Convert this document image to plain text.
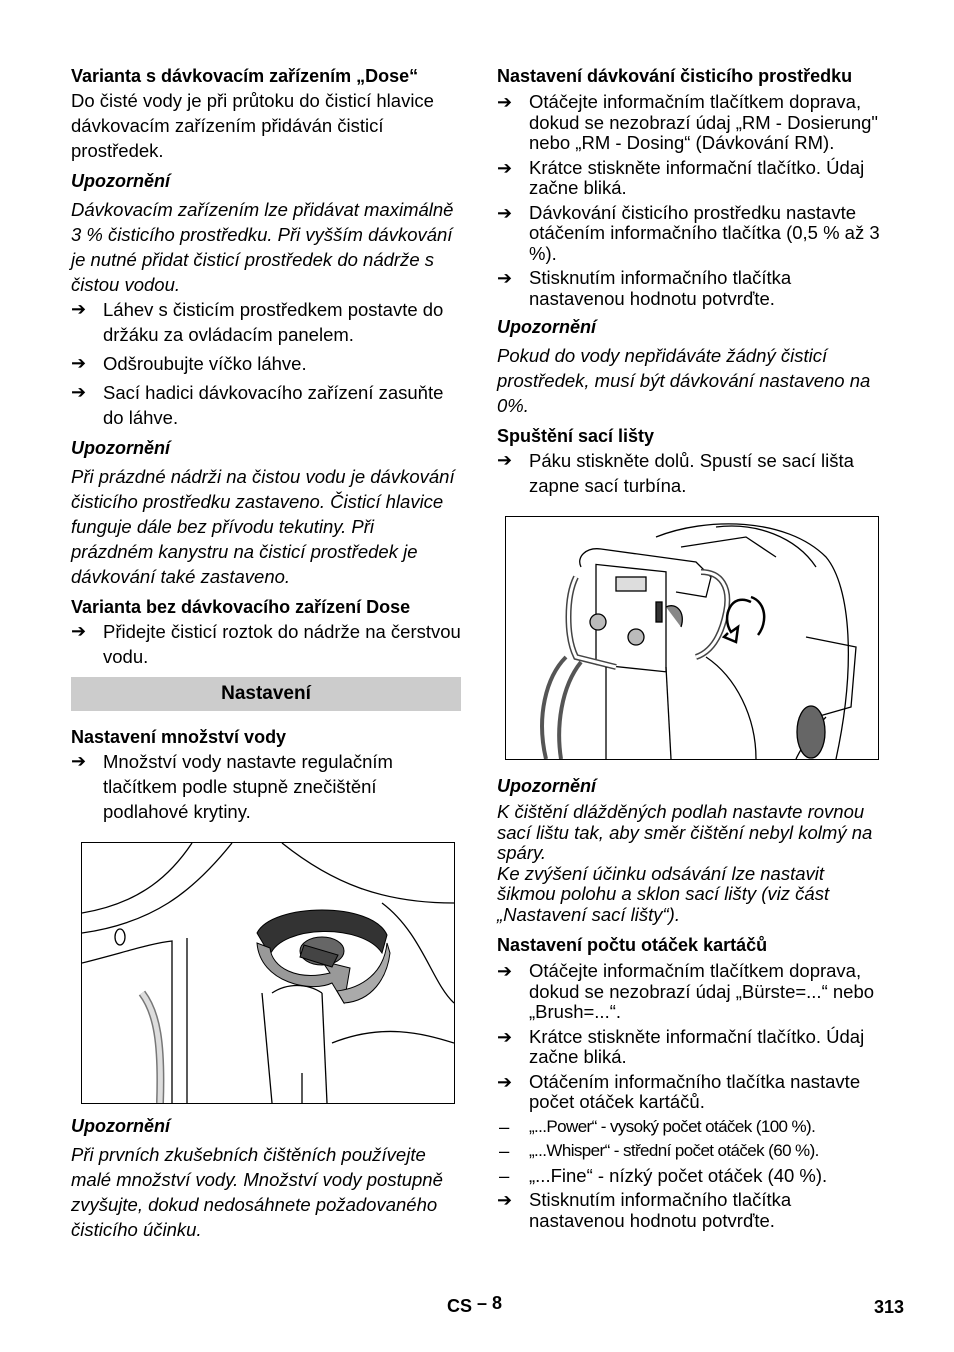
Varianta s dávkovacím zařízením „Dose“

Do čisté vody je při průtoku do čisticí hlavice dávkovacím zařízením přidáván čisticí prostředek.

Upozornění

Dávkovacím zařízením lze přidávat maximálně 3 % čisticího prostředku. Při vyšším dávkování je nutné přidat čisticí prostředek do nádrže s čistou vodou.

➔ Láhev s čisticím prostředkem postavte do držáku za ovládacím panelem.
➔ Odšroubujte víčko láhve.
➔ Sací hadici dávkovacího zařízení zasuňte do láhve.

Upozornění

Při prázdné nádrži na čistou vodu je dávkování čisticího prostředku zastaveno. Čisticí hlavice funguje dále bez přívodu tekutiny. Při prázdném kanystru na čisticí prostředek je dávkování také zastaveno.

Varianta bez dávkovacího zařízení Dose

➔ Přidejte čisticí roztok do nádrže na čerstvou vodu.
Nastavení

Nastavení množství vody

➔ Množství vody nastavte regulačním tlačítkem podle stupně znečištění podlahové krytiny.

Upozornění

Při prvních zkušebních čištěních používejte malé množství vody. Množství vody postupně zvyšujte, dokud nedosáhnete požadovaného čisticího účinku.

Nastavení dávkování čisticího prostředku

➔ Otáčejte informačním tlačítkem doprava, dokud se nezobrazí údaj „RM - Dosierung" nebo „RM - Dosing“ (Dávkování RM).
➔ Krátce stiskněte informační tlačítko. Údaj začne bliká.
➔ Dávkování čisticího prostředku nastavte otáčením informačního tlačítka (0,5 % až 3 %).
➔ Stisknutím informačního tlačítka nastavenou hodnotu potvrďte.

Upozornění

Pokud do vody nepřidáváte žádný čisticí prostředek, musí být dávkování nastaveno na 0%.

Spuštění sací lišty

➔ Páku stiskněte dolů. Spustí se sací lišta zapne sací turbína.

Upozornění

K čištění dlážděných podlah nastavte rovnou sací lištu tak, aby směr čištění nebyl kolmý na spáry.

Ke zvýšení účinku odsávání lze nastavit šikmou polohu a sklon sací lišty (viz část „Nastavení sací lišty“).

Nastavení počtu otáček kartáčů

➔ Otáčejte informačním tlačítkem doprava, dokud se nezobrazí údaj „Bürste=...“ nebo „Brush=...“.
➔ Krátce stiskněte informační tlačítko. Údaj začne bliká.
➔ Otáčením informačního tlačítka nastavte počet otáček kartáčů.
–	„...Power“ - vysoký počet otáček (100 %).
–	„...Whisper“ - střední počet otáček (60 %).
–	„...Fine“ - nízký počet otáček (40 %).
➔ Stisknutím informačního tlačítka nastavenou hodnotu potvrďte.
CS – 8	313
